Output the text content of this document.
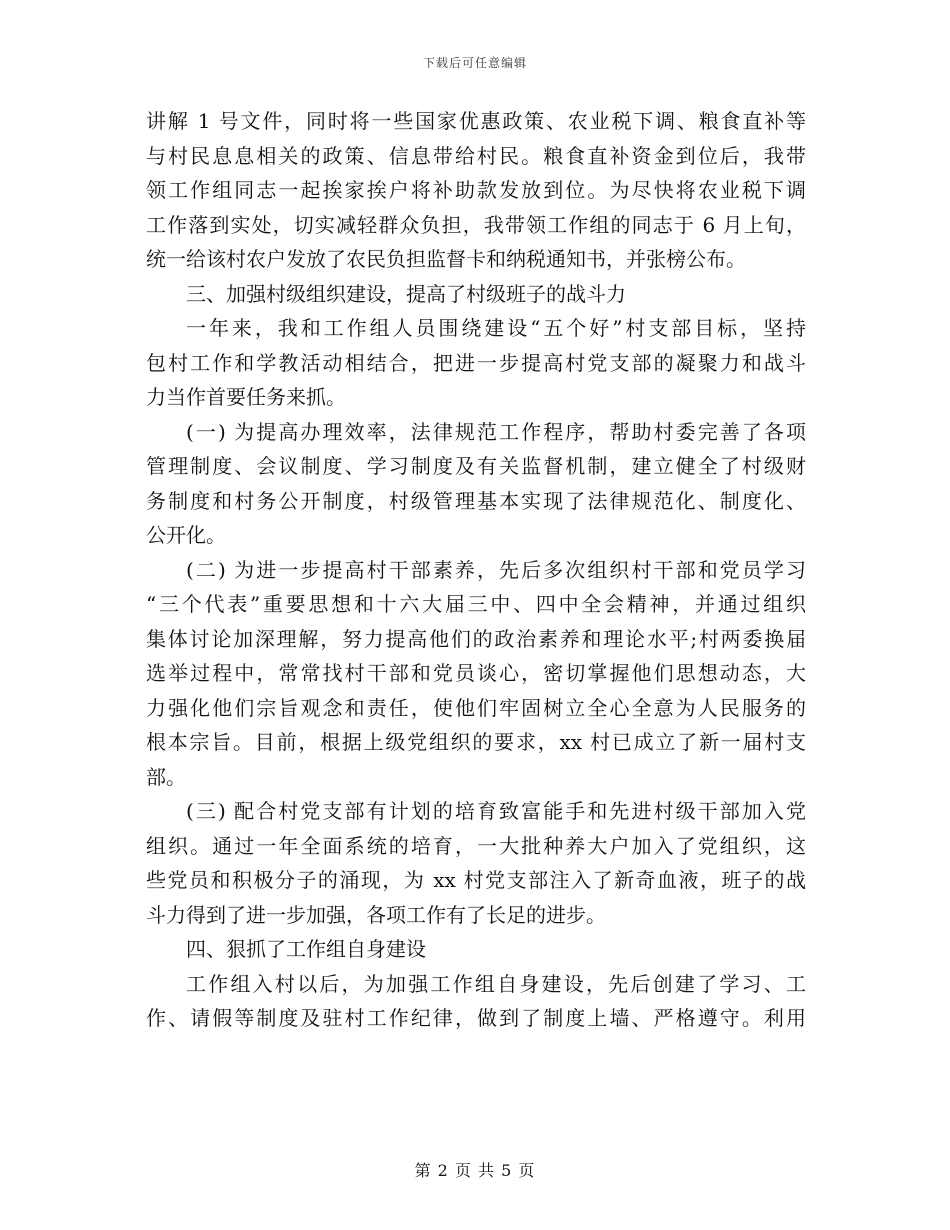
下载后可任意编辑

讲解 1 号文件，同时将一些国家优惠政策、农业税下调、粮食直补等

与村民息息相关的政策、信息带给村民。粮食直补资金到位后，我带

领工作组同志一起挨家挨户将补助款发放到位。为尽快将农业税下调

工作落到实处，切实减轻群众负担，我带领工作组的同志于 6 月上旬，

统一给该村农户发放了农民负担监督卡和纳税通知书，并张榜公布。

三、加强村级组织建设，提高了村级班子的战斗力

一年来，我和工作组人员围绕建设“五个好”村支部目标，坚持

包村工作和学教活动相结合，把进一步提高村党支部的凝聚力和战斗

力当作首要任务来抓。

(一) 为提高办理效率，法律规范工作程序，帮助村委完善了各项

管理制度、会议制度、学习制度及有关监督机制，建立健全了村级财

务制度和村务公开制度，村级管理基本实现了法律规范化、制度化、

公开化。

(二) 为进一步提高村干部素养，先后多次组织村干部和党员学习

“三个代表”重要思想和十六大届三中、四中全会精神，并通过组织

集体讨论加深理解，努力提高他们的政治素养和理论水平;村两委换届

选举过程中，常常找村干部和党员谈心，密切掌握他们思想动态，大

力强化他们宗旨观念和责任，使他们牢固树立全心全意为人民服务的

根本宗旨。目前，根据上级党组织的要求，xx 村已成立了新一届村支

部。

(三) 配合村党支部有计划的培育致富能手和先进村级干部加入党

组织。通过一年全面系统的培育，一大批种养大户加入了党组织，这

些党员和积极分子的涌现，为 xx 村党支部注入了新奇血液，班子的战

斗力得到了进一步加强，各项工作有了长足的进步。

四、狠抓了工作组自身建设

工作组入村以后，为加强工作组自身建设，先后创建了学习、工

作、请假等制度及驻村工作纪律，做到了制度上墙、严格遵守。利用

第 2 页 共 5 页
